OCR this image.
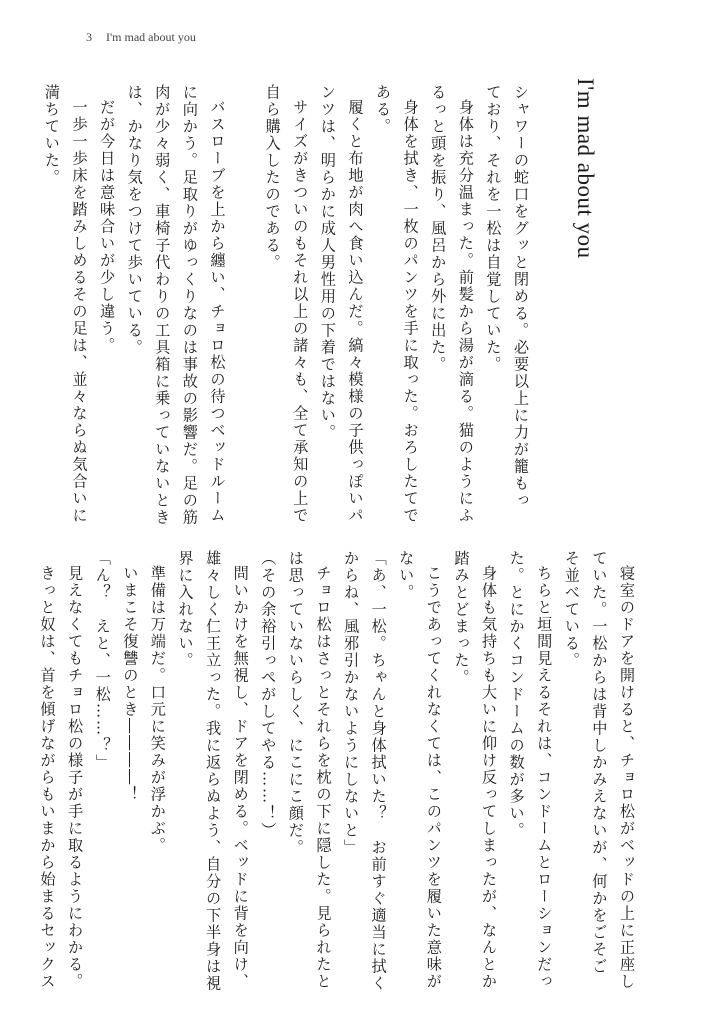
3 I'm mad about you
I'm mad about you

シャワーの蛇口をグッと閉める。必要以上に力が籠もっ

ており、それを一松は自覚していた。

身体は充分温まった。前髪から湯が滴る。猫のようにふ

るっと頭を振り、風呂から外に出た。

身体を拭き、一枚のパンツを手に取った。おろしたてで

ある。

履くと布地が肉へ食い込んだ。縞々模様の子供っぽいパ

ンツは、明らかに成人男性用の下着ではない。

サイズがきついのもそれ以上の諸々も、全て承知の上で

自ら購入したのである。

バスローブを上から纏い、チョロ松の待つベッドルーム

に向かう。足取りがゆっくりなのは事故の影響だ。足の筋

肉が少々弱く、車椅子代わりの工具箱に乗っていないとき

は、かなり気をつけて歩いている。

だが今日は意味合いが少し違う。

一歩一歩床を踏みしめるその足は、並々ならぬ気合いに

満ちていた。

寝室のドアを開けると、チョロ松がベッドの上に正座し

ていた。一松からは背中しかみえないが、何かをごそご

そ並べている。

ちらと垣間見えるそれは、コンドームとローションだっ

た。とにかくコンドームの数が多い。

身体も気持ちも大いに仰け反ってしまったが、なんとか

踏みとどまった。

こうであってくれなくては、このパンツを履いた意味が

ない。

「あ、一松。ちゃんと身体拭いた？　お前すぐ適当に拭く

からね、風邪引かないようにしないと」

チョロ松はさっとそれらを枕の下に隠した。見られたと

は思っていないらしく、にこにこ顔だ。

（その余裕引っぺがしてやる……！）

問いかけを無視し、ドアを閉める。ベッドに背を向け、

雄々しく仁王立った。我に返らぬよう、自分の下半身は視

界に入れない。

準備は万端だ。口元に笑みが浮かぶ。

いまこそ復讐のとき――――！

「ん？　えと、一松……？」

見えなくてもチョロ松の様子が手に取るようにわかる。

きっと奴は、首を傾げながらもいまから始まるセックス
